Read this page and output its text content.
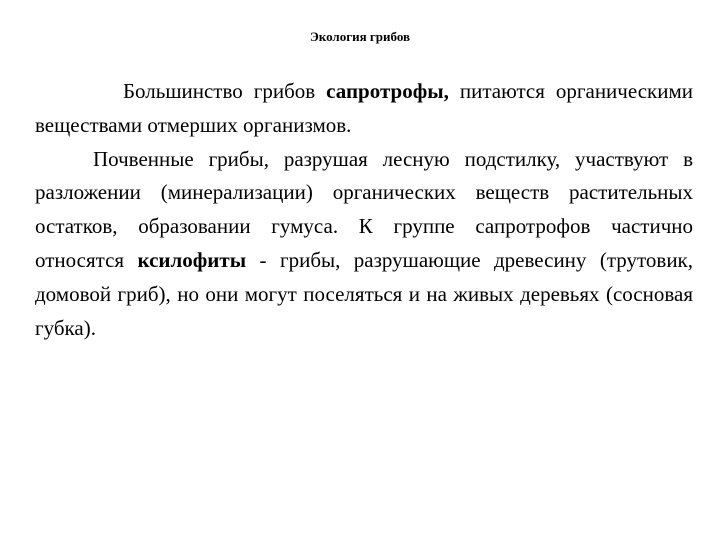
Экология грибов

Большинство грибов сапротрофы, питаются органическими веществами отмерших организмов.

Почвенные грибы, разрушая лесную подстилку, участвуют в разложении (минерализации) органических веществ растительных остатков, образовании гумуса. К группе сапротрофов частично относятся ксилофиты - грибы, разрушающие древесину (трутовик, домовой гриб), но они могут поселяться и на живых деревьях (сосновая губка).
